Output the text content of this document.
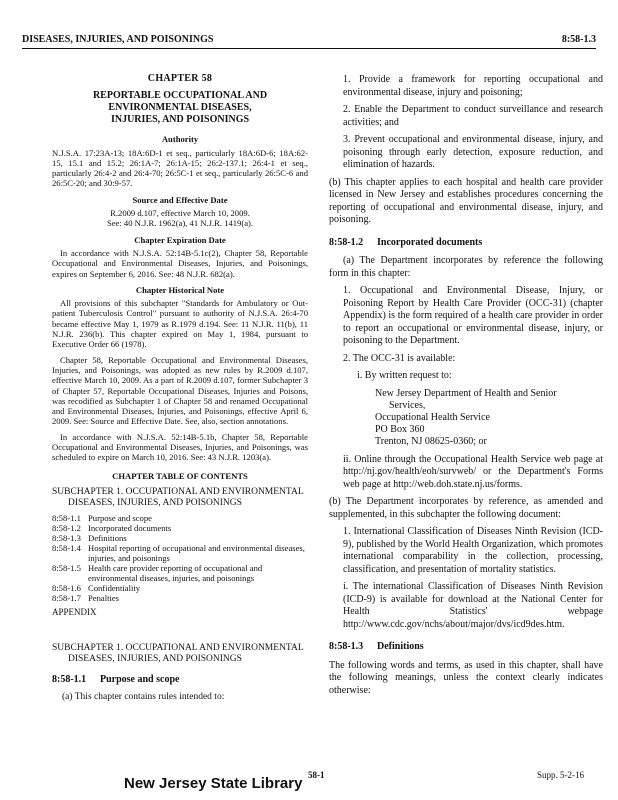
DISEASES, INJURIES, AND POISONINGS	8:58-1.3
CHAPTER 58
REPORTABLE OCCUPATIONAL AND
ENVIRONMENTAL DISEASES,
INJURIES, AND POISONINGS
Authority

N.J.S.A. 17:23A-13; 18A:6D-1 et seq., particularly 18A:6D-6; 18A:62-15, 15.1 and 15.2; 26:1A-7; 26:1A-15; 26:2-137.1; 26:4-1 et seq., particularly 26:4-2 and 26:4-70; 26:5C-1 et seq., particularly 26:5C-6 and 26:5C-20; and 30:9-57.

Source and Effective Date
R.2009 d.107, effective March 10, 2009.
See: 40 N.J.R. 1962(a), 41 N.J.R. 1419(a).
Chapter Expiration Date

In accordance with N.J.S.A. 52:14B-5.1c(2), Chapter 58, Reportable Occupational and Environmental Diseases, Injuries, and Poisonings, expires on September 6, 2016. See: 48 N.J.R. 682(a).

Chapter Historical Note

All provisions of this subchapter "Standards for Ambulatory or Out-patient Tuberculosis Control" pursuant to authority of N.J.S.A. 26:4-70 became effective May 1, 1979 as R.1979 d.194. See: 11 N.J.R. 11(b), 11 N.J.R. 236(b). This chapter expired on May 1, 1984, pursuant to Executive Order 66 (1978).

Chapter 58, Reportable Occupational and Environmental Diseases, Injuries, and Poisonings, was adopted as new rules by R.2009 d.107, effective March 10, 2009. As a part of R.2009 d.107, former Subchapter 3 of Chapter 57, Reportable Occupational Diseases, Injuries and Poisons, was recodified as Subchapter 1 of Chapter 58 and renamed Occupational and Environmental Diseases, Injuries, and Poisonings, effective April 6, 2009. See: Source and Effective Date. See, also, section annotations.

In accordance with N.J.S.A. 52:14B-5.1b, Chapter 58, Reportable Occupational and Environmental Diseases, Injuries, and Poisonings, was scheduled to expire on March 10, 2016. See: 43 N.J.R. 1203(a).

CHAPTER TABLE OF CONTENTS
SUBCHAPTER 1. OCCUPATIONAL AND ENVIRONMENTAL DISEASES, INJURIES, AND POISONINGS
8:58-1.1 Purpose and scope
8:58-1.2 Incorporated documents
8:58-1.3 Definitions
8:58-1.4 Hospital reporting of occupational and environmental diseases, injuries, and poisonings
8:58-1.5 Health care provider reporting of occupational and environmental diseases, injuries, and poisonings
8:58-1.6 Confidentiality
8:58-1.7 Penalties
APPENDIX
SUBCHAPTER 1. OCCUPATIONAL AND ENVIRONMENTAL DISEASES, INJURIES, AND POISONINGS
8:58-1.1 Purpose and scope
(a) This chapter contains rules intended to:

1. Provide a framework for reporting occupational and environmental disease, injury and poisoning;

2. Enable the Department to conduct surveillance and research activities; and

3. Prevent occupational and environmental disease, injury, and poisoning through early detection, exposure reduction, and elimination of hazards.

(b) This chapter applies to each hospital and health care provider licensed in New Jersey and establishes procedures concerning the reporting of occupational and environmental disease, injury, and poisoning.

8:58-1.2 Incorporated documents

(a) The Department incorporates by reference the following form in this chapter:

1. Occupational and Environmental Disease, Injury, or Poisoning Report by Health Care Provider (OCC-31) (chapter Appendix) is the form required of a health care provider in order to report an occupational or environmental disease, injury, or poisoning to the Department.

2. The OCC-31 is available:

i. By written request to:

New Jersey Department of Health and Senior
Services,
Occupational Health Service
PO Box 360
Trenton, NJ 08625-0360; or

ii. Online through the Occupational Health Service web page at http://nj.gov/health/eoh/survweb/ or the Department's Forms web page at http://web.doh.state.nj.us/forms.

(b) The Department incorporates by reference, as amended and supplemented, in this subchapter the following document:

1. International Classification of Diseases Ninth Revision (ICD-9), published by the World Health Organization, which promotes international comparability in the collection, processing, classification, and presentation of mortality statistics.

i. The international Classification of Diseases Ninth Revision (ICD-9) is available for download at the National Center for Health Statistics' webpage http://www.cdc.gov/nchs/about/major/dvs/icd9des.htm.

8:58-1.3 Definitions

The following words and terms, as used in this chapter, shall have the following meanings, unless the context clearly indicates otherwise:

New Jersey State Library 58-1	Supp. 5-2-16
